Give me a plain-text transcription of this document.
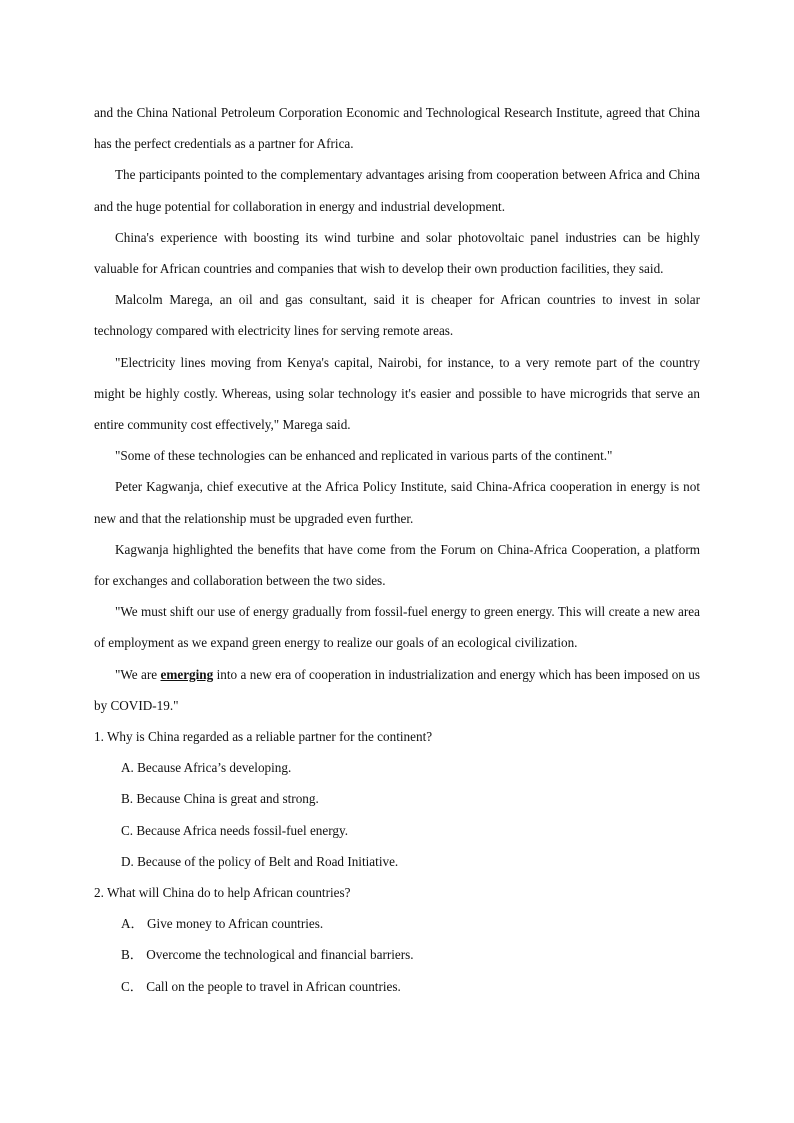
and the China National Petroleum Corporation Economic and Technological Research Institute, agreed that China has the perfect credentials as a partner for Africa.

The participants pointed to the complementary advantages arising from cooperation between Africa and China and the huge potential for collaboration in energy and industrial development.

China's experience with boosting its wind turbine and solar photovoltaic panel industries can be highly valuable for African countries and companies that wish to develop their own production facilities, they said.

Malcolm Marega, an oil and gas consultant, said it is cheaper for African countries to invest in solar technology compared with electricity lines for serving remote areas.

"Electricity lines moving from Kenya's capital, Nairobi, for instance, to a very remote part of the country might be highly costly. Whereas, using solar technology it's easier and possible to have microgrids that serve an entire community cost effectively," Marega said.

"Some of these technologies can be enhanced and replicated in various parts of the continent."

Peter Kagwanja, chief executive at the Africa Policy Institute, said China-Africa cooperation in energy is not new and that the relationship must be upgraded even further.

Kagwanja highlighted the benefits that have come from the Forum on China-Africa Cooperation, a platform for exchanges and collaboration between the two sides.

"We must shift our use of energy gradually from fossil-fuel energy to green energy. This will create a new area of employment as we expand green energy to realize our goals of an ecological civilization.

"We are emerging into a new era of cooperation in industrialization and energy which has been imposed on us by COVID-19."

1. Why is China regarded as a reliable partner for the continent?

A. Because Africa’s developing.

B. Because China is great and strong.

C. Because Africa needs fossil-fuel energy.

D. Because of the policy of Belt and Road Initiative.

2. What will China do to help African countries?

A． Give money to African countries.

B． Overcome the technological and financial barriers.

C． Call on the people to travel in African countries.
